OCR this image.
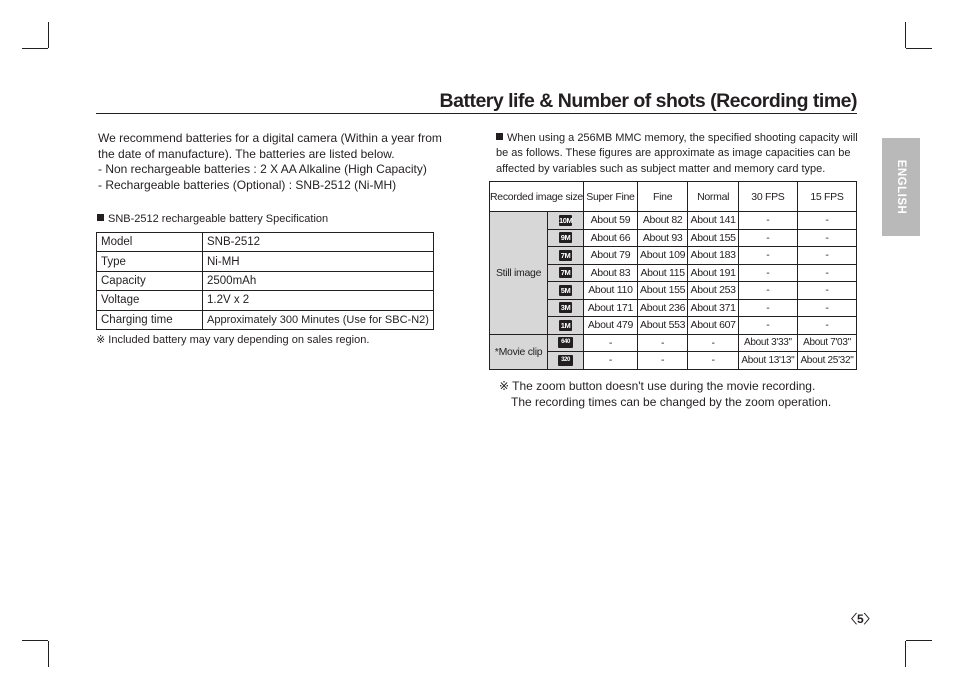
Battery life & Number of shots (Recording time)

We recommend batteries for a digital camera (Within a year from the date of manufacture). The batteries are listed below.

- Non rechargeable batteries : 2 X AA Alkaline (High Capacity)

- Rechargeable batteries (Optional) : SNB-2512 (Ni-MH)

SNB-2512 rechargeable battery Specification
Model	SNB-2512
Type	Ni-MH
Capacity	2500mAh
Voltage	1.2V x 2
Charging time	Approximately 300 Minutes (Use for SBC-N2)
※ Included battery may vary depending on sales region.

When using a 256MB MMC memory, the specified shooting capacity will be as follows. These figures are approximate as image capacities can be affected by variables such as subject matter and memory card type.

Recorded image size		Super Fine	Fine	Normal	30 FPS	15 FPS
Still image	10M	About 59	About 82	About 141	-	-
	9M	About 66	About 93	About 155	-	-
	7M	About 79	About 109	About 183	-	-
	7M	About 83	About 115	About 191	-	-
	5M	About 110	About 155	About 253	-	-
	3M	About 171	About 236	About 371	-	-
	1M	About 479	About 553	About 607	-	-
*Movie clip	640	-	-	-	About 3'33"	About 7'03"
	320	-	-	-	About 13'13"	About 25'32"

※ The zoom button doesn't use during the movie recording.

The recording times can be changed by the zoom operation.

ENGLISH
〈5〉
